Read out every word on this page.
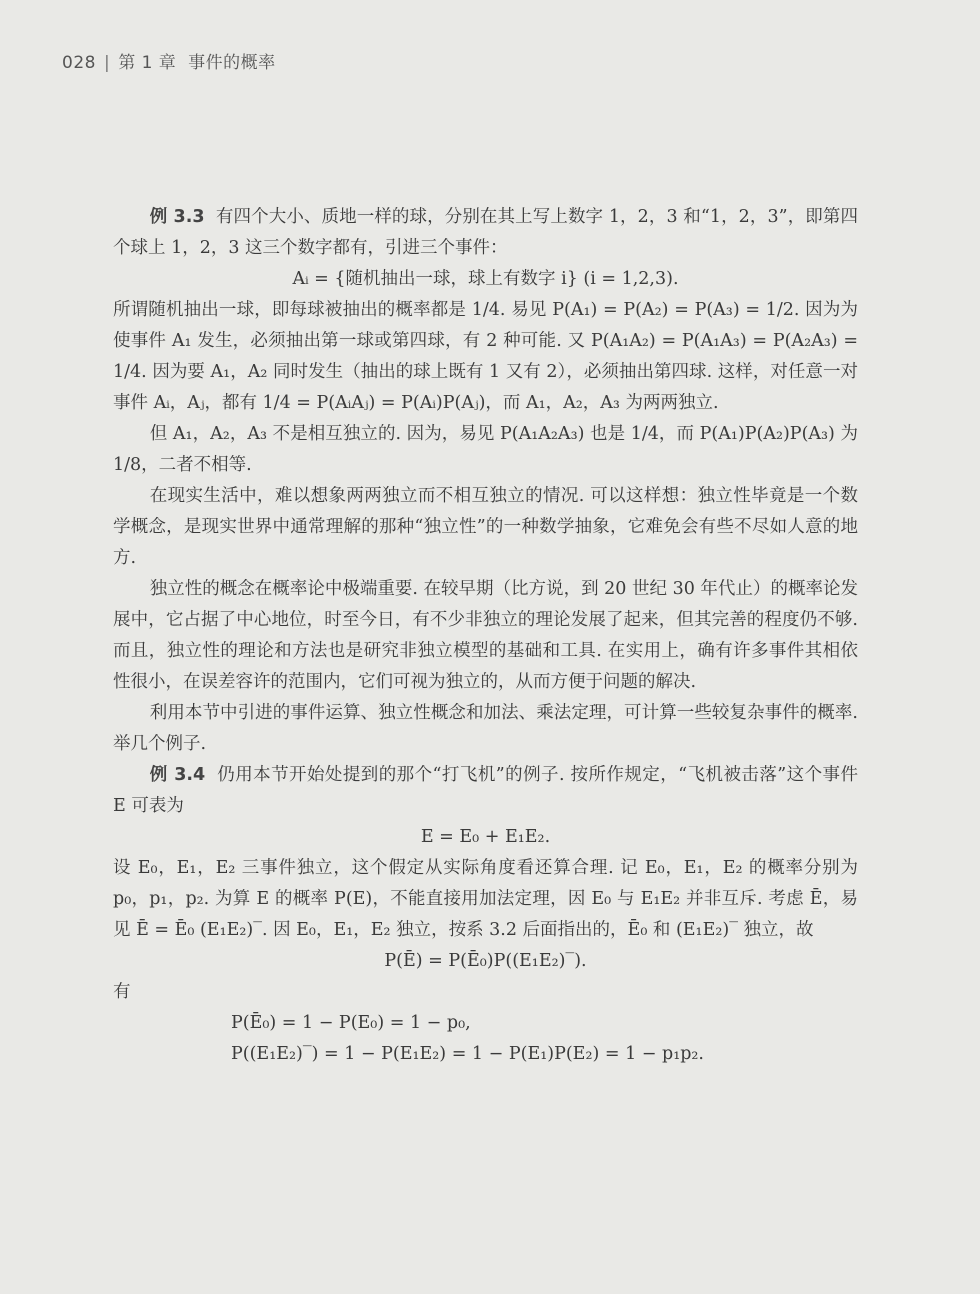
028 | 第 1 章 事件的概率

例 3.3 有四个大小、质地一样的球，分别在其上写上数字 1，2，3 和“1，2，3”，即第四个球上 1，2，3 这三个数字都有，引进三个事件：

Aᵢ = {随机抽出一球，球上有数字 i} (i = 1,2,3).

所谓随机抽出一球，即每球被抽出的概率都是 1/4. 易见 P(A₁) = P(A₂) = P(A₃) = 1/2. 因为为使事件 A₁ 发生，必须抽出第一球或第四球，有 2 种可能. 又 P(A₁A₂) = P(A₁A₃) = P(A₂A₃) = 1/4. 因为要 A₁，A₂ 同时发生（抽出的球上既有 1 又有 2），必须抽出第四球. 这样，对任意一对事件 Aᵢ，Aⱼ，都有 1/4 = P(AᵢAⱼ) = P(Aᵢ)P(Aⱼ)，而 A₁，A₂，A₃ 为两两独立.

但 A₁，A₂，A₃ 不是相互独立的. 因为，易见 P(A₁A₂A₃) 也是 1/4，而 P(A₁)P(A₂)P(A₃) 为 1/8，二者不相等.

在现实生活中，难以想象两两独立而不相互独立的情况. 可以这样想：独立性毕竟是一个数学概念，是现实世界中通常理解的那种“独立性”的一种数学抽象，它难免会有些不尽如人意的地方.

独立性的概念在概率论中极端重要. 在较早期（比方说，到 20 世纪 30 年代止）的概率论发展中，它占据了中心地位，时至今日，有不少非独立的理论发展了起来，但其完善的程度仍不够. 而且，独立性的理论和方法也是研究非独立模型的基础和工具. 在实用上，确有许多事件其相依性很小，在误差容许的范围内，它们可视为独立的，从而方便于问题的解决.

利用本节中引进的事件运算、独立性概念和加法、乘法定理，可计算一些较复杂事件的概率. 举几个例子.

例 3.4 仍用本节开始处提到的那个“打飞机”的例子. 按所作规定，“飞机被击落”这个事件 E 可表为

E = E₀ + E₁E₂.

设 E₀，E₁，E₂ 三事件独立，这个假定从实际角度看还算合理. 记 E₀，E₁，E₂ 的概率分别为 p₀，p₁，p₂. 为算 E 的概率 P(E)，不能直接用加法定理，因 E₀ 与 E₁E₂ 并非互斥. 考虑 Ē，易见 Ē = Ē₀ (E₁E₂)‾. 因 E₀，E₁，E₂ 独立，按系 3.2 后面指出的，Ē₀ 和 (E₁E₂)‾ 独立，故

P(Ē) = P(Ē₀)P((E₁E₂)‾).

有

P(Ē₀) = 1 − P(E₀) = 1 − p₀,

P((E₁E₂)‾) = 1 − P(E₁E₂) = 1 − P(E₁)P(E₂) = 1 − p₁p₂.
